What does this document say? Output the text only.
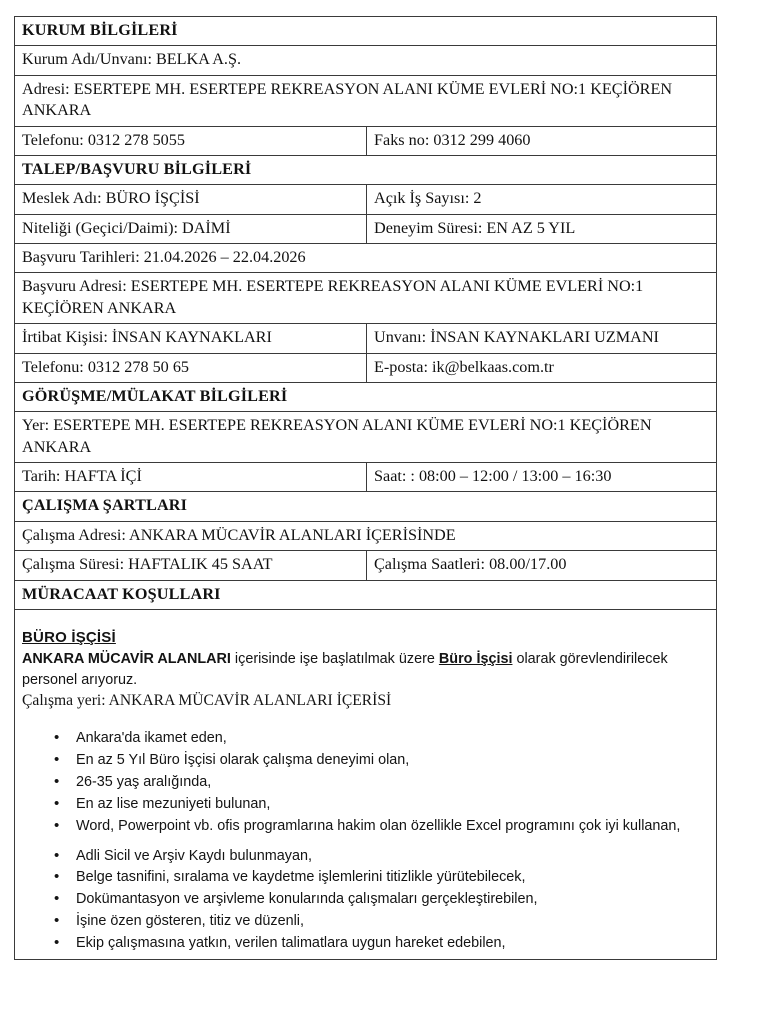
KURUM BİLGİLERİ	
Kurum Adı/Unvanı: BELKA A.Ş.	
Adresi: ESERTEPE MH. ESERTEPE REKREASYON ALANI KÜME EVLERİ NO:1 KEÇİÖREN ANKARA	
Telefonu: 0312 278 5055	Faks no: 0312 299 4060
TALEP/BAŞVURU BİLGİLERİ	
Meslek Adı: BÜRO İŞÇİSİ	Açık İş Sayısı: 2
Niteliği (Geçici/Daimi): DAİMİ	Deneyim Süresi: EN AZ 5 YIL
Başvuru Tarihleri: 21.04.2026 – 22.04.2026	
Başvuru Adresi: ESERTEPE MH. ESERTEPE REKREASYON ALANI KÜME EVLERİ NO:1 KEÇİÖREN ANKARA	
İrtibat Kişisi: İNSAN KAYNAKLARI	Unvanı: İNSAN KAYNAKLARI UZMANI
Telefonu: 0312 278 50 65	E-posta: ik@belkaas.com.tr
GÖRÜŞME/MÜLAKAT BİLGİLERİ	
Yer: ESERTEPE MH. ESERTEPE REKREASYON ALANI KÜME EVLERİ NO:1 KEÇİÖREN ANKARA	
Tarih: HAFTA İÇİ	Saat: : 08:00 – 12:00 / 13:00 – 16:30
ÇALIŞMA ŞARTLARI	
Çalışma Adresi: ANKARA MÜCAVİR ALANLARI İÇERİSİNDE	
Çalışma Süresi: HAFTALIK 45 SAAT	Çalışma Saatleri: 08.00/17.00
MÜRACAAT KOŞULLARI	

BÜRO İŞÇİSİ

ANKARA MÜCAVİR ALANLARI içerisinde işe başlatılmak üzere Büro İşçisi olarak görevlendirilecek personel arıyoruz.

Çalışma yeri: ANKARA MÜCAVİR ALANLARI İÇERİSİ

• Ankara'da ikamet eden,
• En az 5 Yıl Büro İşçisi olarak çalışma deneyimi olan,
• 26-35 yaş aralığında,
• En az lise mezuniyeti bulunan,
• Word, Powerpoint vb. ofis programlarına hakim olan özellikle Excel programını çok iyi kullanan,
• Adli Sicil ve Arşiv Kaydı bulunmayan,
• Belge tasnifini, sıralama ve kaydetme işlemlerini titizlikle yürütebilecek,
• Dokümantasyon ve arşivleme konularında çalışmaları gerçekleştirebilen,
• İşine özen gösteren, titiz ve düzenli,
• Ekip çalışmasına yatkın, verilen talimatlara uygun hareket edebilen,
